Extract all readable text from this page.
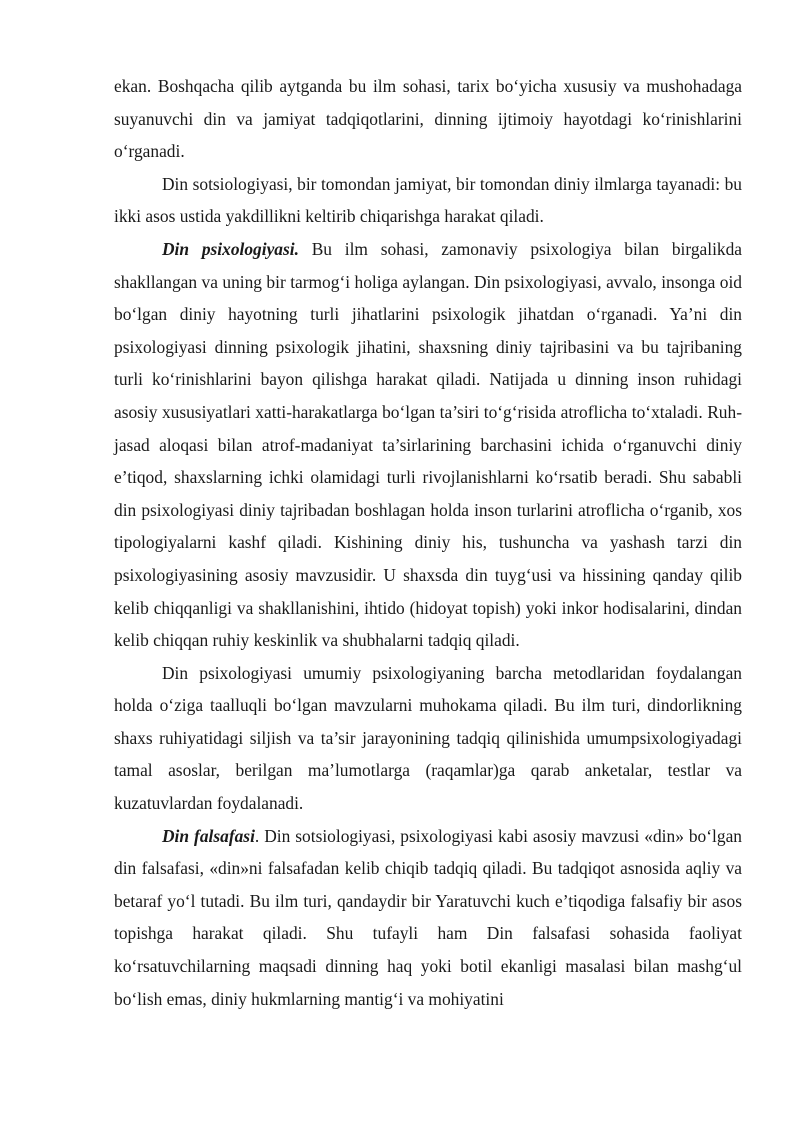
ekan. Boshqacha qilib aytganda bu ilm sohasi, tarix bo‘yicha xususiy va mushohadaga suyanuvchi din va jamiyat tadqiqotlarini, dinning ijtimoiy hayotdagi ko‘rinishlarini o‘rganadi.

Din sotsiologiyasi, bir tomondan jamiyat, bir tomondan diniy ilmlarga tayanadi: bu ikki asos ustida yakdillikni keltirib chiqarishga harakat qiladi.

Din psixologiyasi. Bu ilm sohasi, zamonaviy psixologiya bilan birgalikda shakllangan va uning bir tarmog‘i holiga aylangan. Din psixologiyasi, avvalo, insonga oid bo‘lgan diniy hayotning turli jihatlarini psixologik jihatdan o‘rganadi. Ya’ni din psixologiyasi dinning psixologik jihatini, shaxsning diniy tajribasini va bu tajribaning turli ko‘rinishlarini bayon qilishga harakat qiladi. Natijada u dinning inson ruhidagi asosiy xususiyatlari xatti-harakatlarga bo‘lgan ta’siri to‘g‘risida atroflicha to‘xtaladi. Ruh-jasad aloqasi bilan atrof-madaniyat ta’sirlarining barchasini ichida o‘rganuvchi diniy e’tiqod, shaxslarning ichki olamidagi turli rivojlanishlarni ko‘rsatib beradi. Shu sababli din psixologiyasi diniy tajribadan boshlagan holda inson turlarini atroflicha o‘rganib, xos tipologiyalarni kashf qiladi. Kishining diniy his, tushuncha va yashash tarzi din psixologiyasining asosiy mavzusidir. U shaxsda din tuyg‘usi va hissining qanday qilib kelib chiqqanligi va shakllanishini, ihtido (hidoyat topish) yoki inkor hodisalarini, dindan kelib chiqqan ruhiy keskinlik va shubhalarni tadqiq qiladi.

Din psixologiyasi umumiy psixologiyaning barcha metodlaridan foydalangan holda o‘ziga taalluqli bo‘lgan mavzularni muhokama qiladi. Bu ilm turi, dindorlikning shaxs ruhiyatidagi siljish va ta’sir jarayonining tadqiq qilinishida umumpsixologiyadagi tamal asoslar, berilgan ma’lumotlarga (raqamlar)ga qarab anketalar, testlar va kuzatuvlardan foydalanadi.

Din falsafasi. Din sotsiologiyasi, psixologiyasi kabi asosiy mavzusi «din» bo‘lgan din falsafasi, «din»ni falsafadan kelib chiqib tadqiq qiladi. Bu tadqiqot asnosida aqliy va betaraf yo‘l tutadi. Bu ilm turi, qandaydir bir Yaratuvchi kuch e’tiqodiga falsafiy bir asos topishga harakat qiladi. Shu tufayli ham Din falsafasi sohasida faoliyat ko‘rsatuvchilarning maqsadi dinning haq yoki botil ekanligi masalasi bilan mashg‘ul bo‘lish emas, diniy hukmlarning mantig‘i va mohiyatini
